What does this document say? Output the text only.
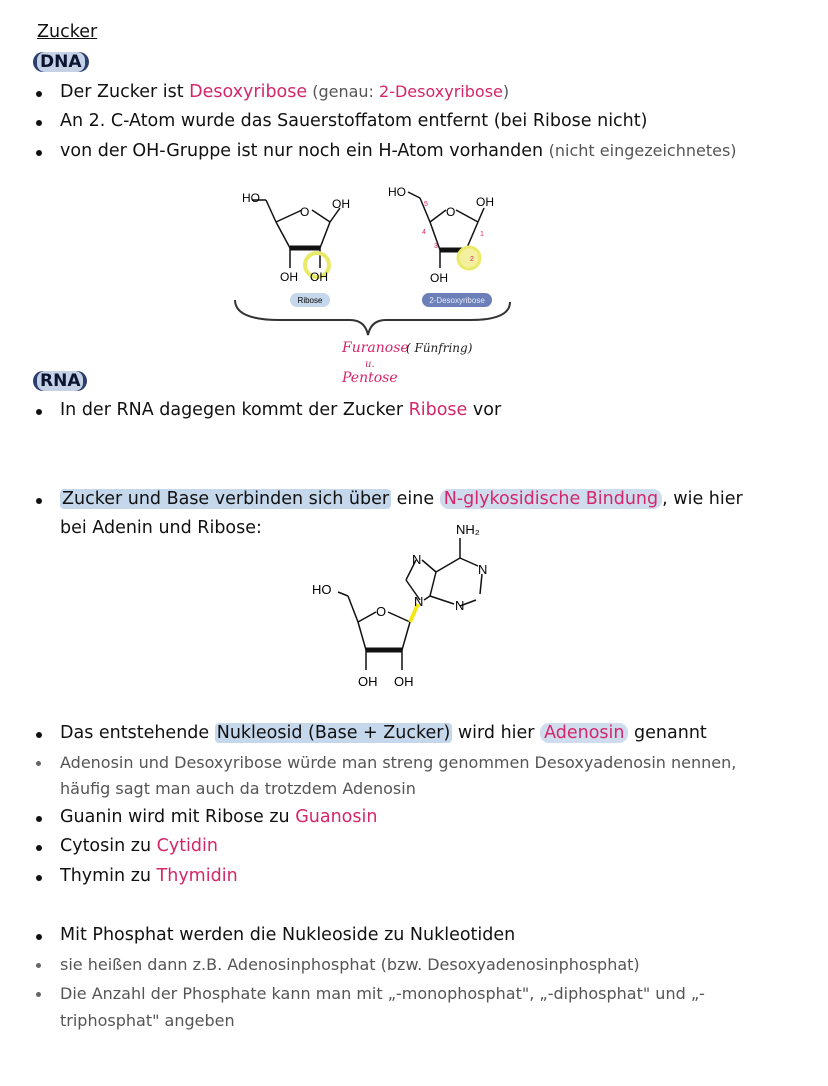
Zucker
DNA
Der Zucker ist Desoxyribose (genau: 2-Desoxyribose)
An 2. C-Atom wurde das Sauerstoffatom entfernt (bei Ribose nicht)
von der OH-Gruppe ist nur noch ein H-Atom vorhanden (nicht eingezeichnetes)
HO
O
OH
OH OH
Ribose
HO
O
OH
OH
5
4
3
2
1
2-Desoxyribose
Furanose
( Fünfring)
u.
Pentose
RNA
In der RNA dagegen kommt der Zucker Ribose vor
Zucker und Base verbinden sich über eine N-glykosidische Bindung , wie hier
bei Adenin und Ribose:	NH₂
N
N
N
N
HO
O
OH OH
Das entstehende Nukleosid (Base + Zucker) wird hier Adenosin genannt
Adenosin und Desoxyribose würde man streng genommen Desoxyadenosin nennen,
häufig sagt man auch da trotzdem Adenosin
Guanin wird mit Ribose zu Guanosin
Cytosin zu Cytidin
Thymin zu Thymidin
Mit Phosphat werden die Nukleoside zu Nukleotiden
sie heißen dann z.B. Adenosinphosphat (bzw. Desoxyadenosinphosphat)
Die Anzahl der Phosphate kann man mit „-monophosphat", „-diphosphat" und „-
triphosphat" angeben
